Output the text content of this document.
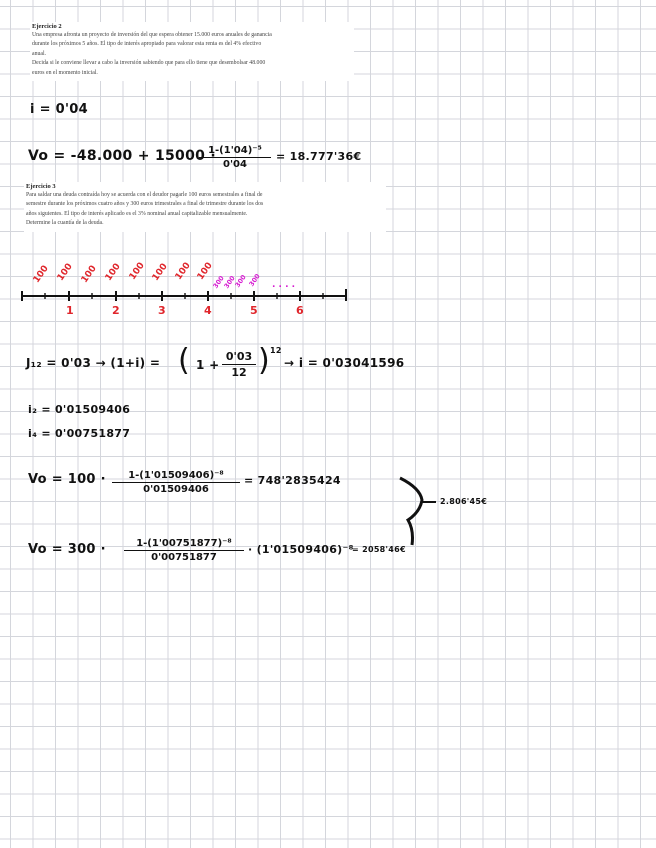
Ejercicio 2

Una empresa afronta un proyecto de inversión del que espera obtener 15.000 euros anuales de ganancia

durante los próximos 5 años. El tipo de interés apropiado para valorar esta renta es del 4% efectivo

anual.

Decida si le conviene llevar a cabo la inversión sabiendo que para ello tiene que desembolsar 48.000

euros en el momento inicial.

i = 0'04
Vo = -48.000 + 15000 ·
1-(1'04)⁻⁵
0'04
= 18.777'36€

Ejercicio 3

Para saldar una deuda contraída hoy se acuerda con el deudor pagarle 100 euros semestrales a final de

semestre durante los próximos cuatro años y 300 euros trimestrales a final de trimestre durante los dos

años siguientes. El tipo de interés aplicado es el 3% nominal anual capitalizable mensualmente.

Determine la cuantía de la deuda.

100 100 100 100 100 100 100 100
300
300
300 300 . . . .
1	2	3	4	5	6
J₁₂ = 0'03 → (1+i) = ( 1 +
0'03
12 ) 12
→ i = 0'03041596
i₂ = 0'01509406
i₄ = 0'00751877
Vo = 100 ·	1-(1'01509406)⁻⁸
0'01509406
= 748'2835424
Vo = 300 ·	1-(1'00751877)⁻⁸
0'00751877
· (1'01509406)⁻⁸
= 2058'46€
2.806'45€
